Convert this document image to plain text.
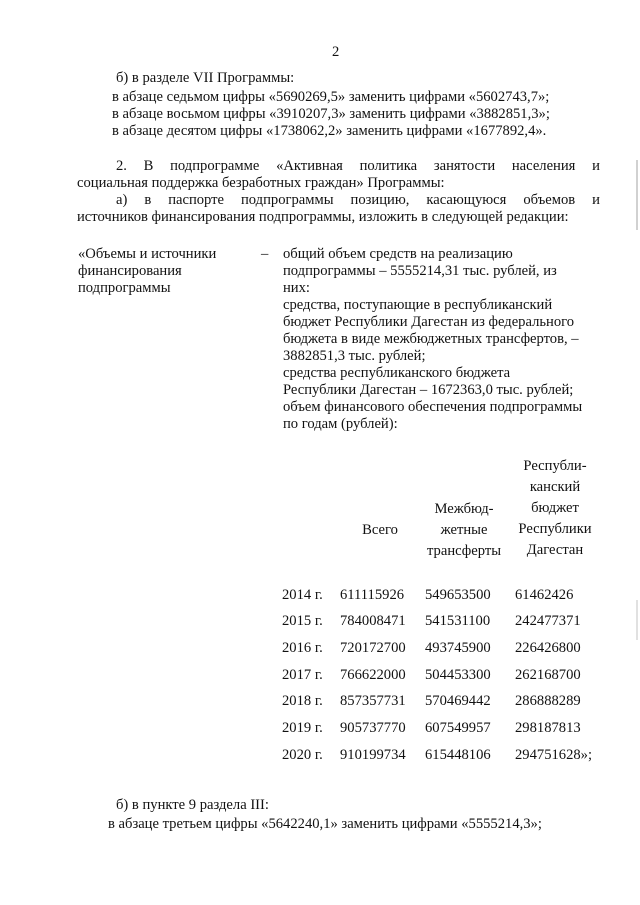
2
б) в разделе VII Программы:
в абзаце седьмом цифры «5690269,5» заменить цифрами «5602743,7»;
в абзаце восьмом цифры «3910207,3» заменить цифрами «3882851,3»;
в абзаце десятом цифры «1738062,2» заменить цифрами «1677892,4».
2. В подпрограмме «Активная политика занятости населения и
социальная поддержка безработных граждан» Программы:
а) в паспорте подпрограммы позицию, касающуюся объемов и
источников финансирования подпрограммы, изложить в следующей редакции:
«Объемы и источники
финансирования
подпрограммы
– общий объем средств на реализацию
подпрограммы – 5555214,31 тыс. рублей, из
них:
средства, поступающие в республиканский
бюджет Республики Дагестан из федерального
бюджета в виде межбюджетных трансфертов, –
3882851,3 тыс. рублей;
средства республиканского бюджета
Республики Дагестан – 1672363,0 тыс. рублей;
объем финансового обеспечения подпрограммы
по годам (рублей):
Всего
Межбюд-
жетные
трансферты
Республи-
канский
бюджет
Республики
Дагестан
2014 г. 611115926 549653500 61462426
2015 г. 784008471 541531100 242477371
2016 г. 720172700 493745900 226426800
2017 г. 766622000 504453300 262168700
2018 г. 857357731 570469442 286888289
2019 г. 905737770 607549957 298187813
2020 г. 910199734 615448106 294751628»;
б) в пункте 9 раздела III:
в абзаце третьем цифры «5642240,1» заменить цифрами «5555214,3»;
